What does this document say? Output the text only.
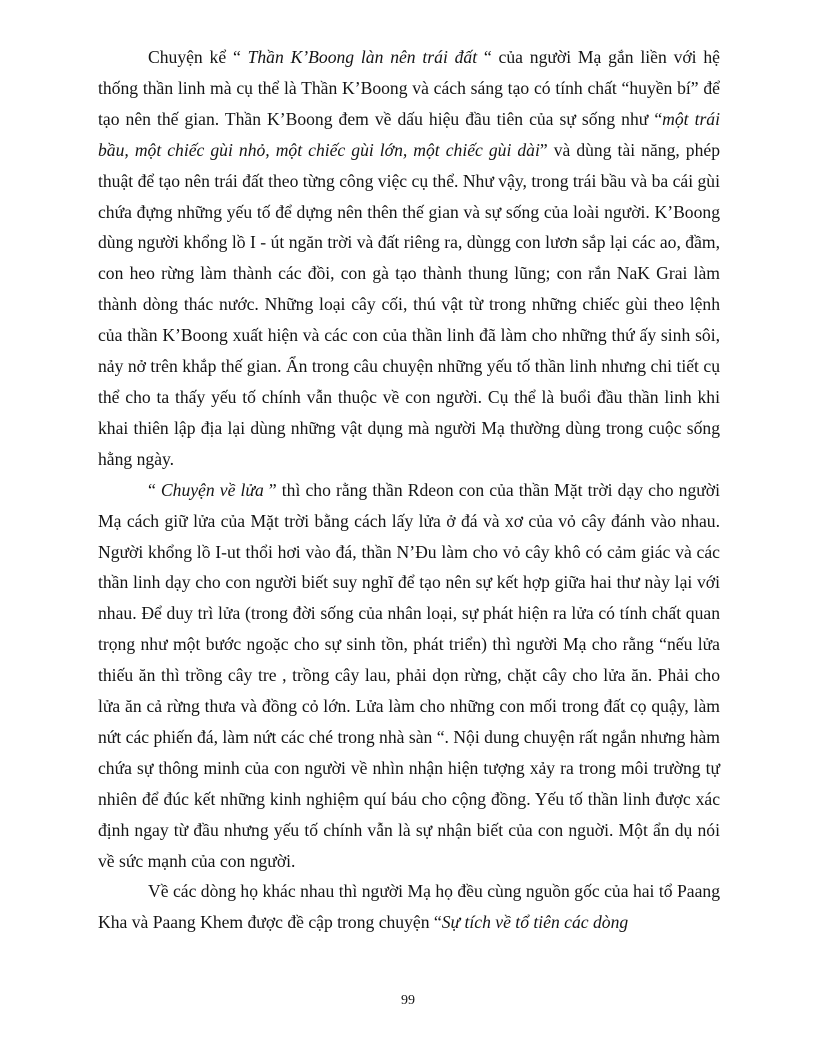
Chuyện kể “ Thần K’Boong làn nên trái đất “ của người Mạ gắn liền với hệ thống thần linh mà cụ thể là Thần K’Boong và cách sáng tạo có tính chất “huyền bí” để tạo nên thế gian. Thần K’Boong đem về dấu hiệu đầu tiên của sự sống như “một trái bầu, một chiếc gùi nhỏ, một chiếc gùi lớn, một chiếc gùi dài” và dùng tài năng, phép thuật để tạo nên trái đất theo từng công việc cụ thể. Như vậy, trong trái bầu và ba cái gùi chứa đựng những yếu tố để dựng nên thên thế gian và sự sống của loài người. K’Boong dùng người khổng lồ I - út ngăn trời và đất riêng ra, dùngg con lươn sắp lại các ao, đầm, con heo rừng làm thành các đồi, con gà tạo thành thung lũng; con rắn NaK Grai làm thành dòng thác nước. Những loại cây cối, thú vật từ trong những chiếc gùi theo lệnh của thần K’Boong xuất hiện và các con của thần linh đã làm cho những thứ ấy sinh sôi, nảy nở trên khắp thế gian. Ẩn trong câu chuyện những yếu tố thần linh nhưng chi tiết cụ thể cho ta thấy yếu tố chính vẫn thuộc về con người. Cụ thể là buổi đầu thần linh khi khai thiên lập địa lại dùng những vật dụng mà người Mạ thường dùng trong cuộc sống hằng ngày.

“ Chuyện về lửa ” thì cho rằng thần Rdeon con của thần Mặt trời dạy cho người Mạ cách giữ lửa của Mặt trời bằng cách lấy lửa ở đá và xơ của vỏ cây đánh vào nhau. Người khổng lồ I-ut thổi hơi vào đá, thần N’Đu làm cho vỏ cây khô có cảm giác và các thần linh dạy cho con người biết suy nghĩ để tạo nên sự kết hợp giữa hai thư này lại với nhau. Để duy trì lửa (trong đời sống của nhân loại, sự phát hiện ra lửa có tính chất quan trọng như một bước ngoặc cho sự sinh tồn, phát triển) thì người Mạ cho rằng “nếu lửa thiếu ăn thì trồng cây tre , trồng cây lau, phải dọn rừng, chặt cây cho lửa ăn. Phải cho lửa ăn cả rừng thưa và đồng cỏ lớn. Lửa làm cho những con mối trong đất cọ quậy, làm nứt các phiến đá, làm nứt các ché trong nhà sàn “. Nội dung chuyện rất ngắn nhưng hàm chứa sự thông minh của con người về nhìn nhận hiện tượng xảy ra trong môi trường tự nhiên để đúc kết những kinh nghiệm quí báu cho cộng đồng. Yếu tố thần linh được xác định ngay từ đầu nhưng yếu tố chính vẫn là sự nhận biết của con nguời. Một ẩn dụ nói về sức mạnh của con người.

Về các dòng họ khác nhau thì người Mạ họ đều cùng nguồn gốc của hai tổ Paang Kha và Paang Khem được đề cập trong chuyện “Sự tích về tổ tiên các dòng

99
